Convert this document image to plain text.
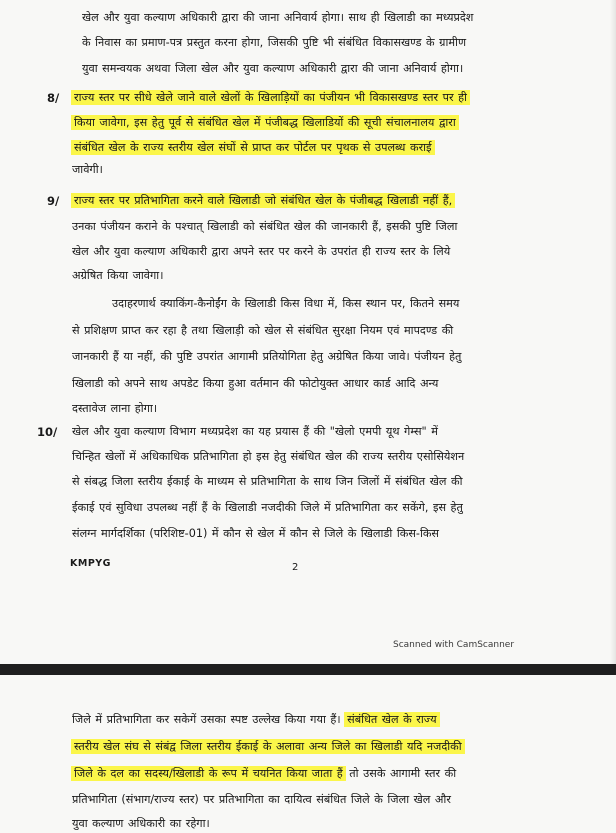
खेल और युवा कल्याण अधिकारी द्वारा की जाना अनिवार्य होगा। साथ ही खिलाडी का मध्यप्रदेश
के निवास का प्रमाण-पत्र प्रस्तुत करना होगा, जिसकी पुष्टि भी संबंधित विकासखण्ड के ग्रामीण
युवा समन्वयक अथवा जिला खेल और युवा कल्याण अधिकारी द्वारा की जाना अनिवार्य होगा।
8/ राज्य स्तर पर सीधे खेले जाने वाले खेलों के खिलाड़ियों का पंजीयन भी विकासखण्ड स्तर पर ही
किया जावेगा, इस हेतु पूर्व से संबंधित खेल में पंजीबद्ध खिलाडियों की सूची संचालनालय द्वारा
संबंधित खेल के राज्य स्तरीय खेल संघों से प्राप्त कर पोर्टल पर पृथक से उपलब्ध कराई
जावेगी।
9/ राज्य स्तर पर प्रतिभागिता करने वाले खिलाडी जो संबंधित खेल के पंजीबद्ध खिलाडी नहीं हैं,
उनका पंजीयन कराने के पश्चात् खिलाडी को संबंधित खेल की जानकारी हैं, इसकी पुष्टि जिला
खेल और युवा कल्याण अधिकारी द्वारा अपने स्तर पर करने के उपरांत ही राज्य स्तर के लिये
अग्रेषित किया जावेगा।
उदाहरणार्थ क्याकिंग-कैनोईंग के खिलाडी किस विधा में, किस स्थान पर, कितने समय
से प्रशिक्षण प्राप्त कर रहा है तथा खिलाड़ी को खेल से संबंधित सुरक्षा नियम एवं मापदण्ड की
जानकारी हैं या नहीं, की पुष्टि उपरांत आगामी प्रतियोगिता हेतु अग्रेषित किया जावे। पंजीयन हेतु
खिलाडी को अपने साथ अपडेट किया हुआ वर्तमान की फोटोयुक्त आधार कार्ड आदि अन्य
दस्तावेज लाना होगा।
10/ खेल और युवा कल्याण विभाग मध्यप्रदेश का यह प्रयास हैं की "खेलो एमपी यूथ गेम्स" में
चिन्हित खेलों में अधिकाधिक प्रतिभागिता हो इस हेतु संबंधित खेल की राज्य स्तरीय एसोसियेशन
से संबद्ध जिला स्तरीय ईकाई के माध्यम से प्रतिभागिता के साथ जिन जिलों में संबंधित खेल की
ईकाई एवं सुविधा उपलब्ध नहीं हैं के खिलाडी नजदीकी जिले में प्रतिभागिता कर सकेंगे, इस हेतु
संलग्न मार्गदर्शिका (परिशिष्ट-01) में कौन से खेल में कौन से जिले के खिलाडी किस-किस
KMPYG	2
Scanned with CamScanner
जिले में प्रतिभागिता कर सकेगें उसका स्पष्ट उल्लेख किया गया हैं। संबंधित खेल के राज्य
स्तरीय खेल संघ से संबंद्व जिला स्तरीय ईकाई के अलावा अन्य जिले का खिलाडी यदि नजदीकी
जिले के दल का सदस्य/खिलाडी के रूप में चयनित किया जाता हैं तो उसके आगामी स्तर की
प्रतिभागिता (संभाग/राज्य स्तर) पर प्रतिभागिता का दायित्व संबंधित जिले के जिला खेल और
युवा कल्याण अधिकारी का रहेगा।
